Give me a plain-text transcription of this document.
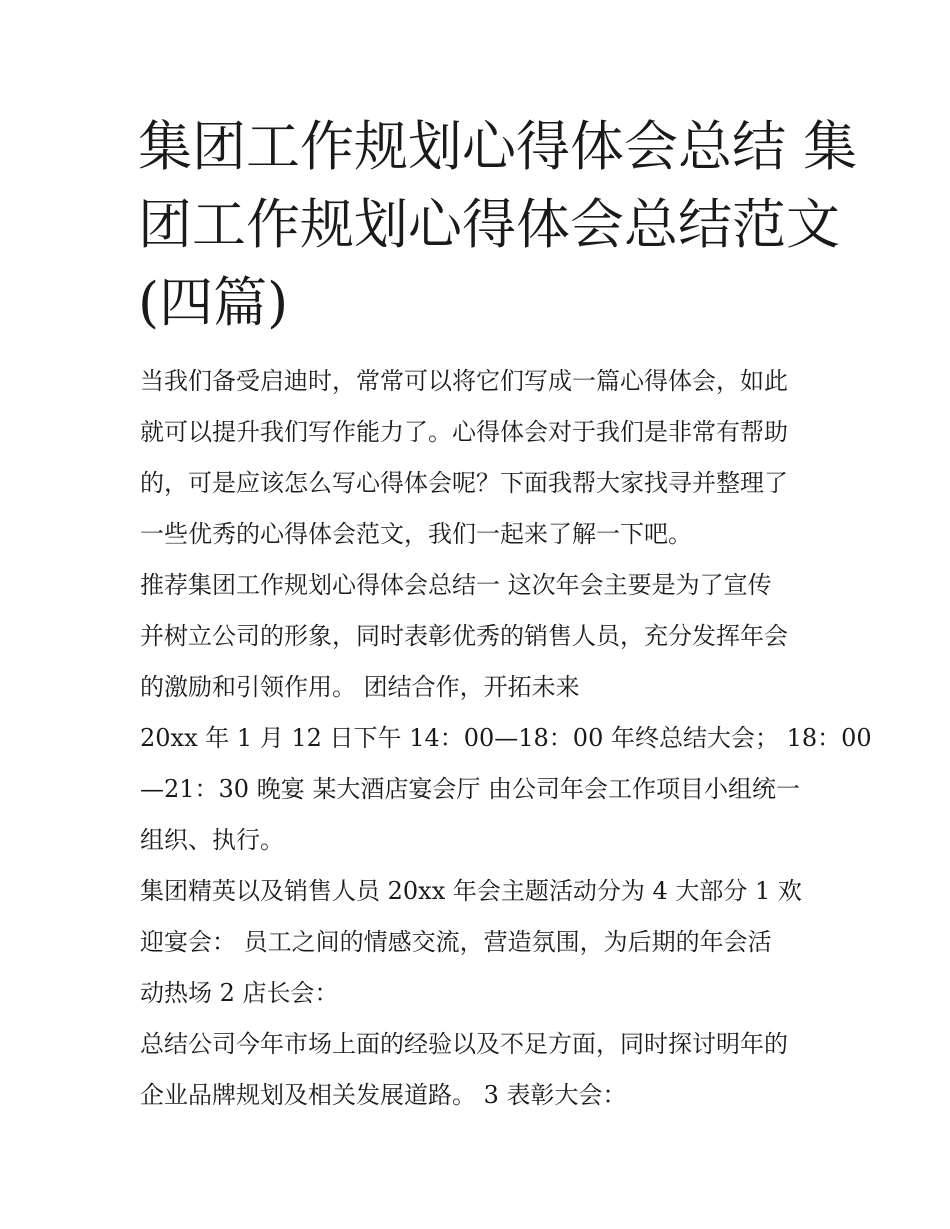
集团工作规划心得体会总结 集
团工作规划心得体会总结范文
(四篇)
当我们备受启迪时，常常可以将它们写成一篇心得体会，如此
就可以提升我们写作能力了。心得体会对于我们是非常有帮助
的，可是应该怎么写心得体会呢？下面我帮大家找寻并整理了
一些优秀的心得体会范文，我们一起来了解一下吧。
推荐集团工作规划心得体会总结一 这次年会主要是为了宣传
并树立公司的形象，同时表彰优秀的销售人员，充分发挥年会
的激励和引领作用。 团结合作，开拓未来
20xx 年 1 月 12 日下午 14：00—18：00 年终总结大会； 18：00
—21：30 晚宴 某大酒店宴会厅 由公司年会工作项目小组统一
组织、执行。
集团精英以及销售人员 20xx 年会主题活动分为 4 大部分 1 欢
迎宴会： 员工之间的情感交流，营造氛围，为后期的年会活
动热场 2 店长会：
总结公司今年市场上面的经验以及不足方面，同时探讨明年的
企业品牌规划及相关发展道路。 3 表彰大会：
